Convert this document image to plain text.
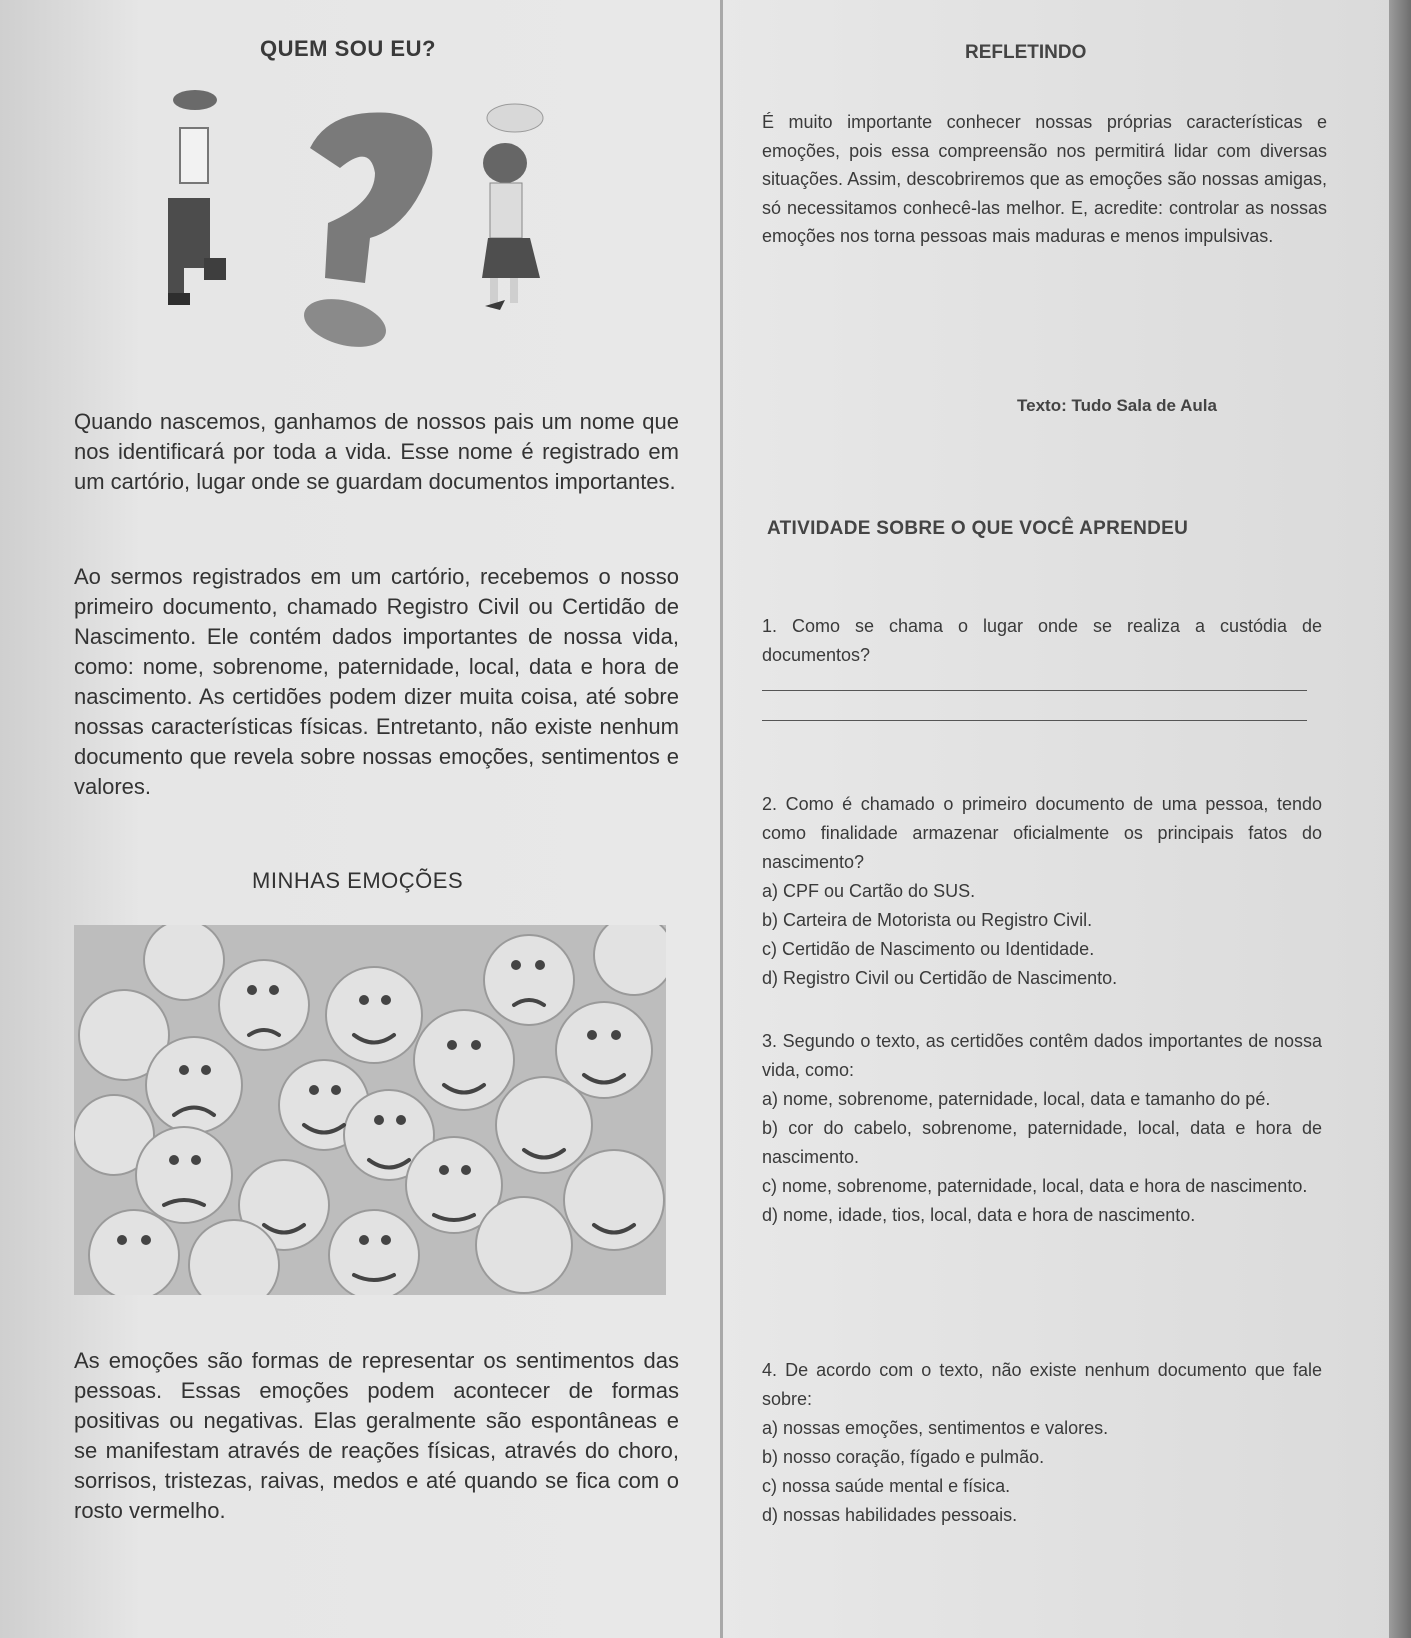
QUEM SOU EU?

Quando nascemos, ganhamos de nossos pais um nome que nos identificará por toda a vida. Esse nome é registrado em um cartório, lugar onde se guardam documentos importantes.

Ao sermos registrados em um cartório, recebemos o nosso primeiro documento, chamado Registro Civil ou Certidão de Nascimento. Ele contém dados importantes de nossa vida, como: nome, sobrenome, paternidade, local, data e hora de nascimento. As certidões podem dizer muita coisa, até sobre nossas características físicas. Entretanto, não existe nenhum documento que revela sobre nossas emoções, sentimentos e valores.

MINHAS EMOÇÕES

As emoções são formas de representar os sentimentos das pessoas. Essas emoções podem acontecer de formas positivas ou negativas. Elas geralmente são espontâneas e se manifestam através de reações físicas, através do choro, sorrisos, tristezas, raivas, medos e até quando se fica com o rosto vermelho.

REFLETINDO

É muito importante conhecer nossas próprias características e emoções, pois essa compreensão nos permitirá lidar com diversas situações. Assim, descobriremos que as emoções são nossas amigas, só necessitamos conhecê-las melhor. E, acredite: controlar as nossas emoções nos torna pessoas mais maduras e menos impulsivas.

Texto: Tudo Sala de Aula
ATIVIDADE SOBRE O QUE VOCÊ APRENDEU
1. Como se chama o lugar onde se realiza a custódia de documentos?
2. Como é chamado o primeiro documento de uma pessoa, tendo como finalidade armazenar oficialmente os principais fatos do nascimento?
a) CPF ou Cartão do SUS.
b) Carteira de Motorista ou Registro Civil.
c) Certidão de Nascimento ou Identidade.
d) Registro Civil ou Certidão de Nascimento.
3. Segundo o texto, as certidões contêm dados importantes de nossa vida, como:
a) nome, sobrenome, paternidade, local, data e tamanho do pé.
b) cor do cabelo, sobrenome, paternidade, local, data e hora de nascimento.
c) nome, sobrenome, paternidade, local, data e hora de nascimento.
d) nome, idade, tios, local, data e hora de nascimento.
4. De acordo com o texto, não existe nenhum documento que fale sobre:
a) nossas emoções, sentimentos e valores.
b) nosso coração, fígado e pulmão.
c) nossa saúde mental e física.
d) nossas habilidades pessoais.
